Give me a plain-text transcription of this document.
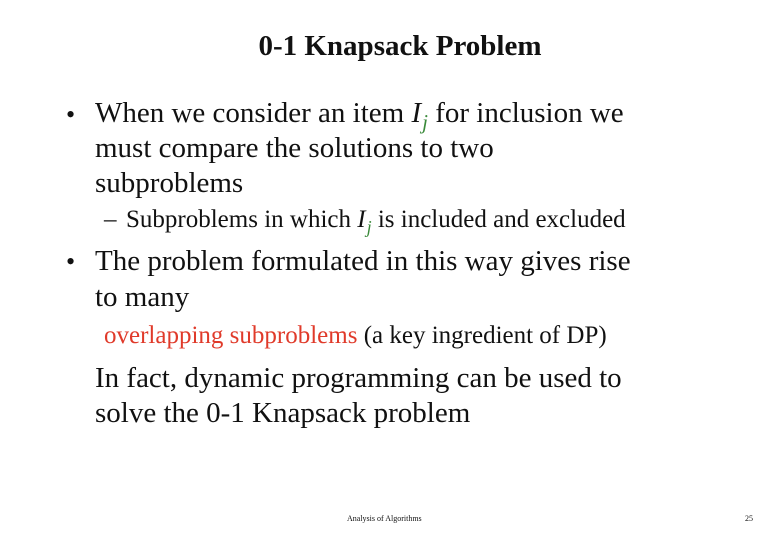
0-1 Knapsack Problem
• When we consider an item $I_j$ for inclusion we
must compare the solutions to two
subproblems
– Subproblems in which $I_j$ is included and excluded
• The problem formulated in this way gives rise
to many
overlapping subproblems (a key ingredient of DP)
In fact, dynamic programming can be used to
solve the 0-1 Knapsack problem
Analysis of Algorithms	25
